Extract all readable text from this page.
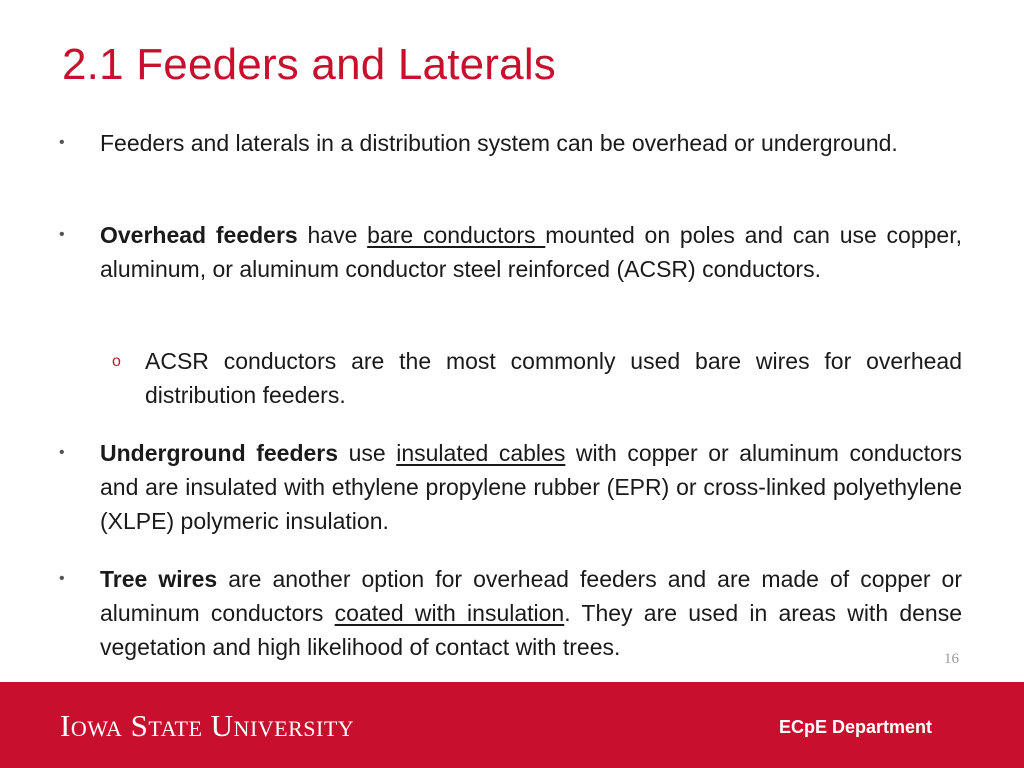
2.1 Feeders and Laterals
• Feeders and laterals in a distribution system can be overhead or underground.
• Overhead feeders have bare conductors mounted on poles and can use copper, aluminum, or aluminum conductor steel reinforced (ACSR) conductors.
o ACSR conductors are the most commonly used bare wires for overhead distribution feeders.
• Underground feeders use insulated cables with copper or aluminum conductors and are insulated with ethylene propylene rubber (EPR) or cross-linked polyethylene (XLPE) polymeric insulation.
• Tree wires are another option for overhead feeders and are made of copper or aluminum conductors coated with insulation. They are used in areas with dense vegetation and high likelihood of contact with trees.	16
Iowa State University	ECpE Department
